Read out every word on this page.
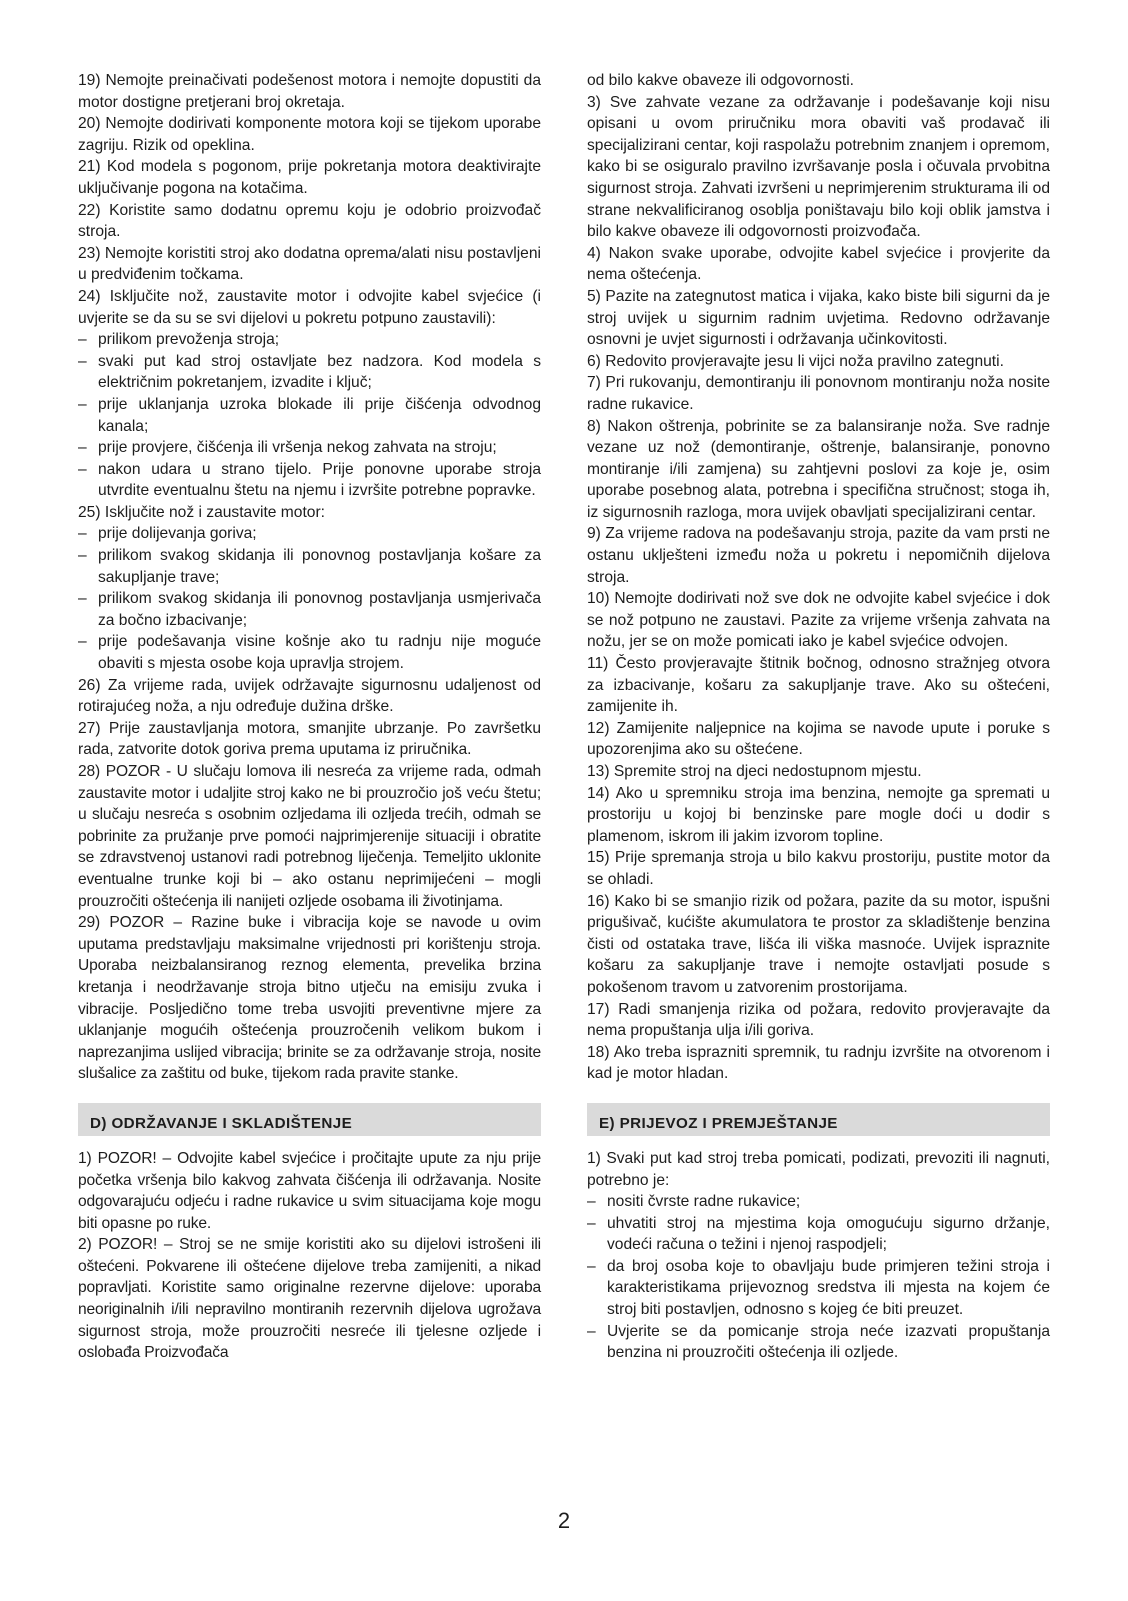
19) Nemojte preinačivati podešenost motora i nemojte dopustiti da motor dostigne pretjerani broj okretaja.

20) Nemojte dodirivati komponente motora koji se tijekom uporabe zagriju. Rizik od opeklina.

21) Kod modela s pogonom, prije pokretanja motora deaktivirajte uključivanje pogona na kotačima.

22) Koristite samo dodatnu opremu koju je odobrio proizvođač stroja.

23) Nemojte koristiti stroj ako dodatna oprema/alati nisu postavljeni u predviđenim točkama.

24) Isključite nož, zaustavite motor i odvojite kabel svjećice (i uvjerite se da su se svi dijelovi u pokretu potpuno zaustavili):

– prilikom prevoženja stroja;
– svaki put kad stroj ostavljate bez nadzora. Kod modela s električnim pokretanjem, izvadite i ključ;
– prije uklanjanja uzroka blokade ili prije čišćenja odvodnog kanala;
– prije provjere, čišćenja ili vršenja nekog zahvata na stroju;
– nakon udara u strano tijelo. Prije ponovne uporabe stroja utvrdite eventualnu štetu na njemu i izvršite potrebne popravke.

25) Isključite nož i zaustavite motor:

– prije dolijevanja goriva;
– prilikom svakog skidanja ili ponovnog postavljanja košare za sakupljanje trave;
– prilikom svakog skidanja ili ponovnog postavljanja usmjerivača za bočno izbacivanje;
– prije podešavanja visine košnje ako tu radnju nije moguće obaviti s mjesta osobe koja upravlja strojem.

26) Za vrijeme rada, uvijek održavajte sigurnosnu udaljenost od rotirajućeg noža, a nju određuje dužina drške.

27) Prije zaustavljanja motora, smanjite ubrzanje. Po završetku rada, zatvorite dotok goriva prema uputama iz priručnika.

28) POZOR - U slučaju lomova ili nesreća za vrijeme rada, odmah zaustavite motor i udaljite stroj kako ne bi prouzročio još veću štetu; u slučaju nesreća s osobnim ozljedama ili ozljeda trećih, odmah se pobrinite za pružanje prve pomoći najprimjerenije situaciji i obratite se zdravstvenoj ustanovi radi potrebnog liječenja. Temeljito uklonite eventualne trunke koji bi – ako ostanu neprimijećeni – mogli prouzročiti oštećenja ili nanijeti ozljede osobama ili životinjama.

29) POZOR – Razine buke i vibracija koje se navode u ovim uputama predstavljaju maksimalne vrijednosti pri korištenju stroja. Uporaba neizbalansiranog reznog elementa, prevelika brzina kretanja i neodržavanje stroja bitno utječu na emisiju zvuka i vibracije. Posljedično tome treba usvojiti preventivne mjere za uklanjanje mogućih oštećenja prouzročenih velikom bukom i naprezanjima uslijed vibracija; brinite se za održavanje stroja, nosite slušalice za zaštitu od buke, tijekom rada pravite stanke.

D) ODRŽAVANJE I SKLADIŠTENJE

1) POZOR! – Odvojite kabel svjećice i pročitajte upute za nju prije početka vršenja bilo kakvog zahvata čišćenja ili održavanja. Nosite odgovarajuću odjeću i radne rukavice u svim situacijama koje mogu biti opasne po ruke.

2) POZOR! – Stroj se ne smije koristiti ako su dijelovi istrošeni ili oštećeni. Pokvarene ili oštećene dijelove treba zamijeniti, a nikad popravljati. Koristite samo originalne rezervne dijelove: uporaba neoriginalnih i/ili nepravilno montiranih rezervnih dijelova ugrožava sigurnost stroja, može prouzročiti nesreće ili tjelesne ozljede i oslobađa Proizvođača

od bilo kakve obaveze ili odgovornosti.

3) Sve zahvate vezane za održavanje i podešavanje koji nisu opisani u ovom priručniku mora obaviti vaš prodavač ili specijalizirani centar, koji raspolažu potrebnim znanjem i opremom, kako bi se osiguralo pravilno izvršavanje posla i očuvala prvobitna sigurnost stroja. Zahvati izvršeni u neprimjerenim strukturama ili od strane nekvalificiranog osoblja poništavaju bilo koji oblik jamstva i bilo kakve obaveze ili odgovornosti proizvođača.

4) Nakon svake uporabe, odvojite kabel svjećice i provjerite da nema oštećenja.

5) Pazite na zategnutost matica i vijaka, kako biste bili sigurni da je stroj uvijek u sigurnim radnim uvjetima. Redovno održavanje osnovni je uvjet sigurnosti i održavanja učinkovitosti.

6) Redovito provjeravajte jesu li vijci noža pravilno zategnuti.

7) Pri rukovanju, demontiranju ili ponovnom montiranju noža nosite radne rukavice.

8) Nakon oštrenja, pobrinite se za balansiranje noža. Sve radnje vezane uz nož (demontiranje, oštrenje, balansiranje, ponovno montiranje i/ili zamjena) su zahtjevni poslovi za koje je, osim uporabe posebnog alata, potrebna i specifična stručnost; stoga ih, iz sigurnosnih razloga, mora uvijek obavljati specijalizirani centar.

9) Za vrijeme radova na podešavanju stroja, pazite da vam prsti ne ostanu uklješteni između noža u pokretu i nepomičnih dijelova stroja.

10) Nemojte dodirivati nož sve dok ne odvojite kabel svjećice i dok se nož potpuno ne zaustavi. Pazite za vrijeme vršenja zahvata na nožu, jer se on može pomicati iako je kabel svjećice odvojen.

11) Često provjeravajte štitnik bočnog, odnosno stražnjeg otvora za izbacivanje, košaru za sakupljanje trave. Ako su oštećeni, zamijenite ih.

12) Zamijenite naljepnice na kojima se navode upute i poruke s upozorenjima ako su oštećene.

13) Spremite stroj na djeci nedostupnom mjestu.

14) Ako u spremniku stroja ima benzina, nemojte ga spremati u prostoriju u kojoj bi benzinske pare mogle doći u dodir s plamenom, iskrom ili jakim izvorom topline.

15) Prije spremanja stroja u bilo kakvu prostoriju, pustite motor da se ohladi.

16) Kako bi se smanjio rizik od požara, pazite da su motor, ispušni prigušivač, kućište akumulatora te prostor za skladištenje benzina čisti od ostataka trave, lišća ili viška masnoće. Uvijek ispraznite košaru za sakupljanje trave i nemojte ostavljati posude s pokošenom travom u zatvorenim prostorijama.

17) Radi smanjenja rizika od požara, redovito provjeravajte da nema propuštanja ulja i/ili goriva.

18) Ako treba isprazniti spremnik, tu radnju izvršite na otvorenom i kad je motor hladan.

E) PRIJEVOZ I PREMJEŠTANJE

1) Svaki put kad stroj treba pomicati, podizati, prevoziti ili nagnuti, potrebno je:

– nositi čvrste radne rukavice;
– uhvatiti stroj na mjestima koja omogućuju sigurno držanje, vodeći računa o težini i njenoj raspodjeli;
– da broj osoba koje to obavljaju bude primjeren težini stroja i karakteristikama prijevoznog sredstva ili mjesta na kojem će stroj biti postavljen, odnosno s kojeg će biti preuzet.
– Uvjerite se da pomicanje stroja neće izazvati propuštanja benzina ni prouzročiti oštećenja ili ozljede.
2
